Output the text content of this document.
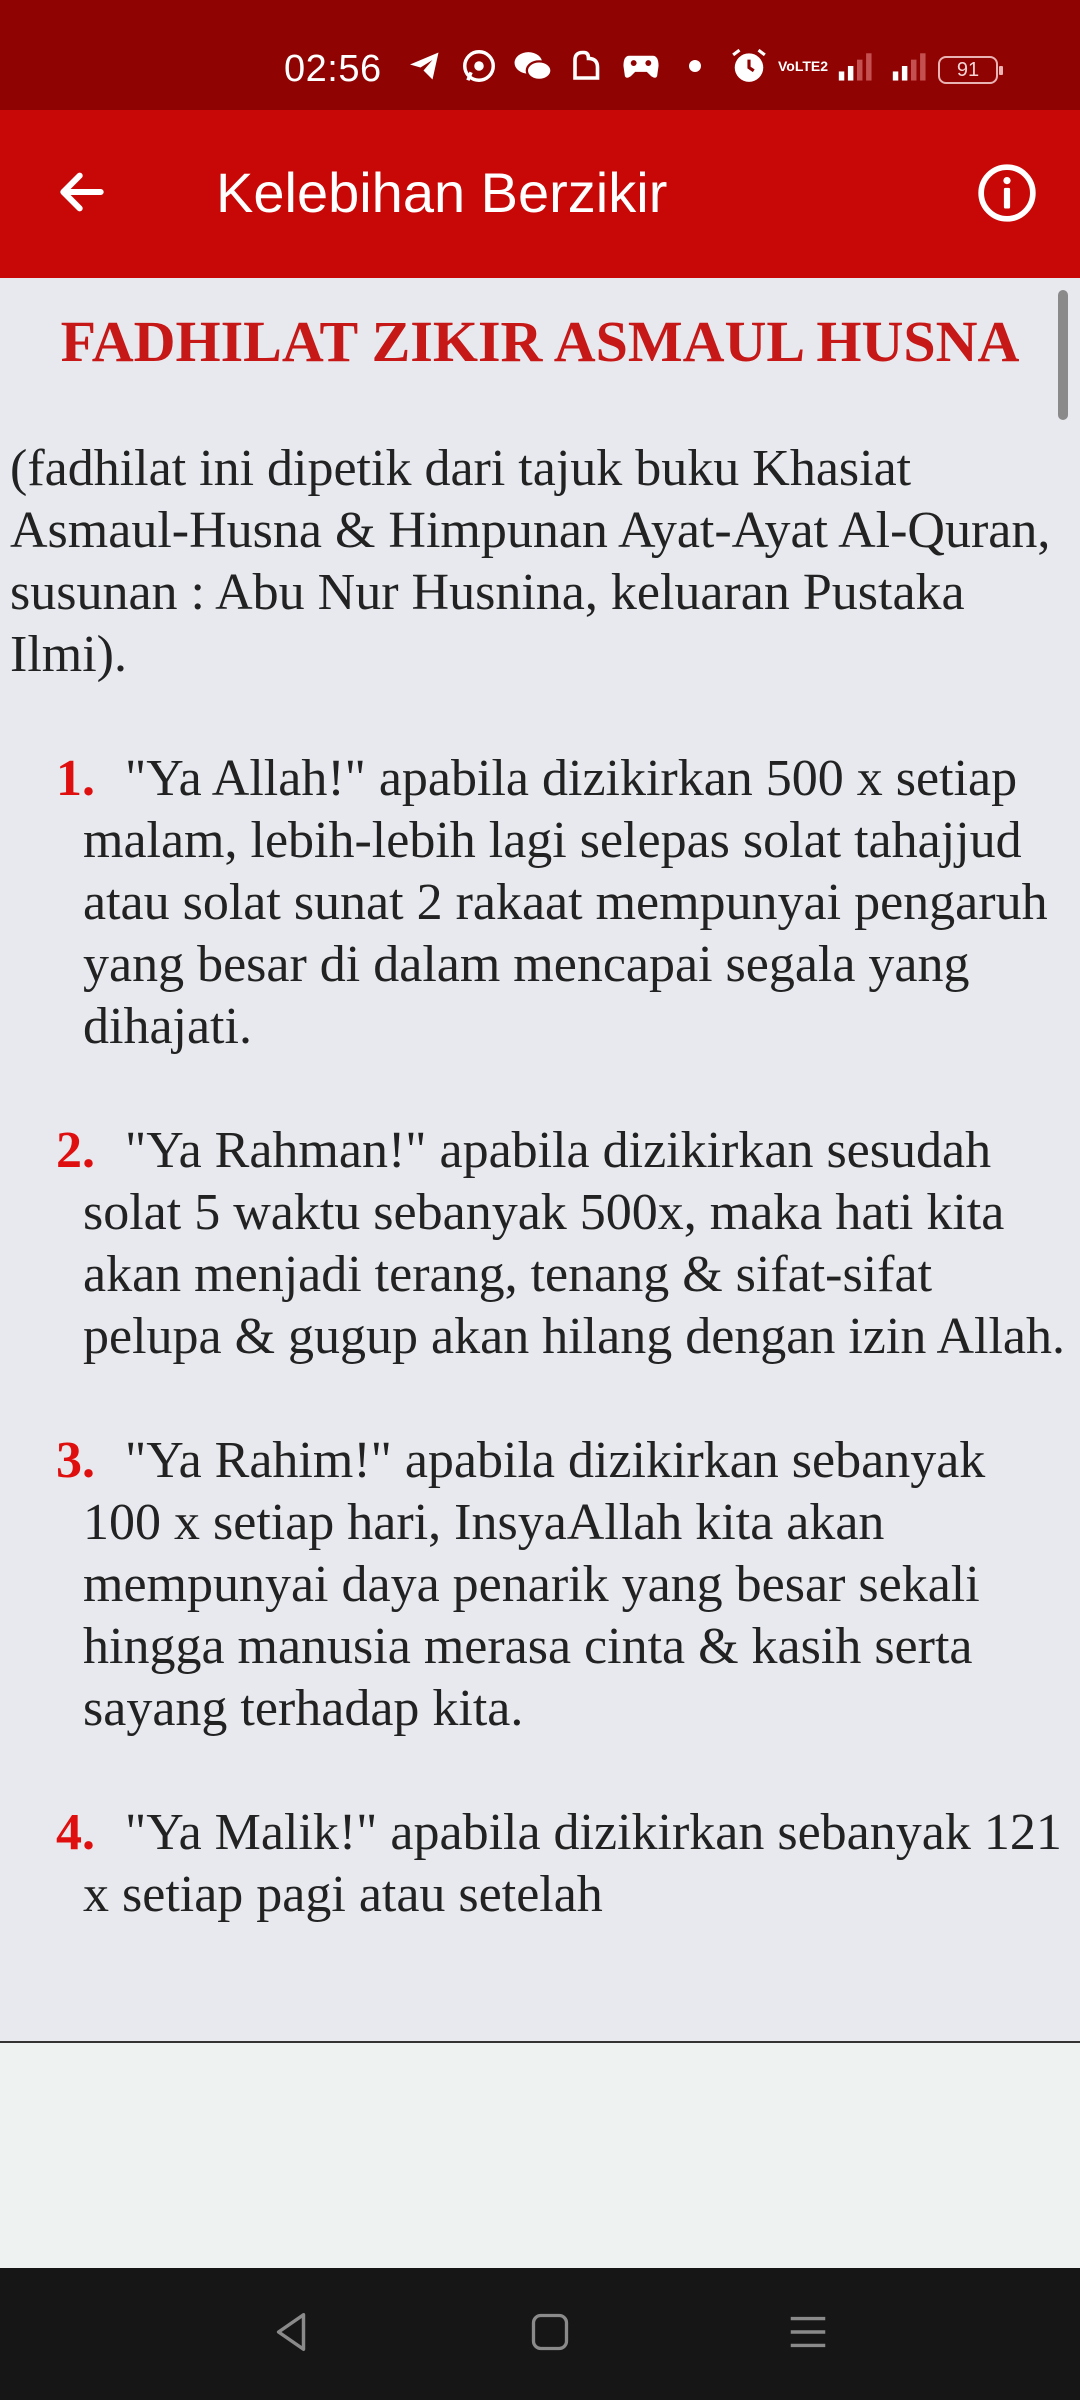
02:56	VoLTE2	91
Kelebihan Berzikir
FADHILAT ZIKIR ASMAUL HUSNA

(fadhilat ini dipetik dari tajuk buku Khasiat Asmaul-Husna & Himpunan Ayat-Ayat Al-Quran, susunan : Abu Nur Husnina, keluaran Pustaka Ilmi).

1. "Ya Allah!" apabila dizikirkan 500 x setiap malam, lebih-lebih lagi selepas solat tahajjud atau solat sunat 2 rakaat mempunyai pengaruh yang besar di dalam mencapai segala yang dihajati.
2. "Ya Rahman!" apabila dizikirkan sesudah solat 5 waktu sebanyak 500x, maka hati kita akan menjadi terang, tenang & sifat-sifat pelupa & gugup akan hilang dengan izin Allah.
3. "Ya Rahim!" apabila dizikirkan sebanyak 100 x setiap hari, InsyaAllah kita akan mempunyai daya penarik yang besar sekali hingga manusia merasa cinta & kasih serta sayang terhadap kita.
4. "Ya Malik!" apabila dizikirkan sebanyak 121 x setiap pagi atau setelah
